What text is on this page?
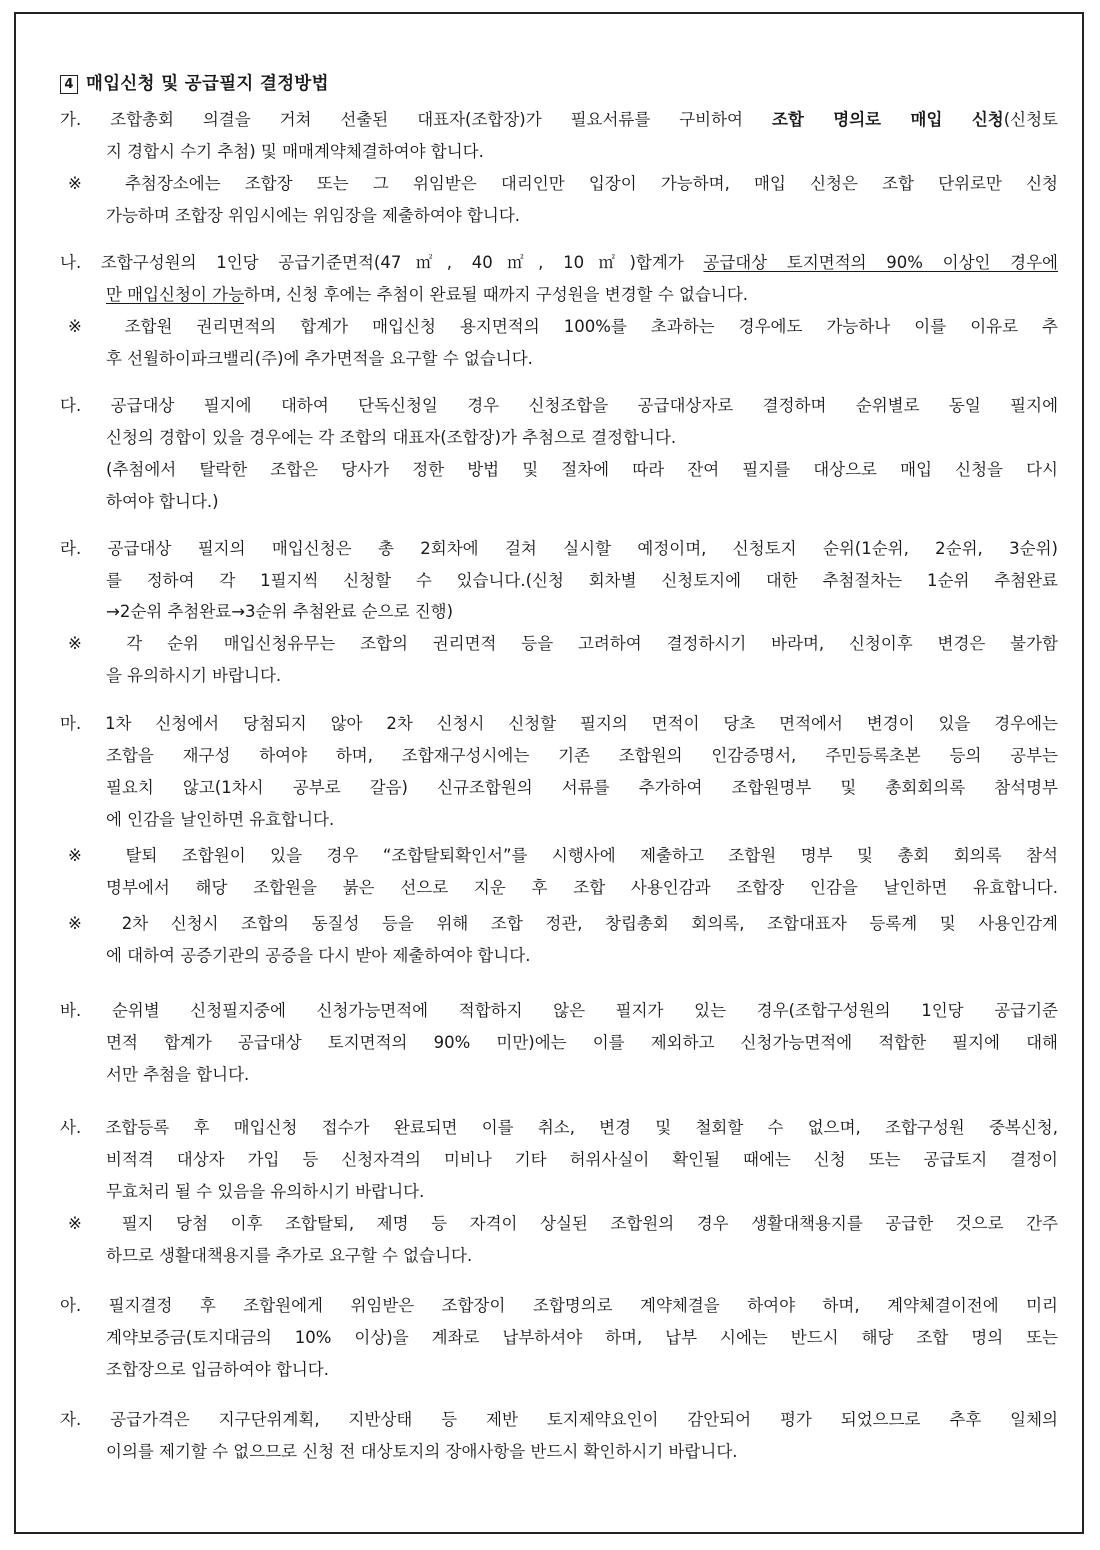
4 매입신청 및 공급필지 결정방법
가. 조합총회 의결을 거쳐 선출된 대표자(조합장)가 필요서류를 구비하여 조합 명의로 매입 신청(신청토
지 경합시 수기 추첨) 및 매매계약체결하여야 합니다.
※ 추첨장소에는 조합장 또는 그 위임받은 대리인만 입장이 가능하며, 매입 신청은 조합 단위로만 신청
가능하며 조합장 위임시에는 위임장을 제출하여야 합니다.
나. 조합구성원의 1인당 공급기준면적(47㎡, 40㎡, 10㎡)합계가 공급대상 토지면적의 90% 이상인 경우에
만 매입신청이 가능하며, 신청 후에는 추첨이 완료될 때까지 구성원을 변경할 수 없습니다.
※ 조합원 권리면적의 합계가 매입신청 용지면적의 100%를 초과하는 경우에도 가능하나 이를 이유로 추
후 선월하이파크밸리(주)에 추가면적을 요구할 수 없습니다.
다. 공급대상 필지에 대하여 단독신청일 경우 신청조합을 공급대상자로 결정하며 순위별로 동일 필지에
신청의 경합이 있을 경우에는 각 조합의 대표자(조합장)가 추첨으로 결정합니다.
(추첨에서 탈락한 조합은 당사가 정한 방법 및 절차에 따라 잔여 필지를 대상으로 매입 신청을 다시
하여야 합니다.)
라. 공급대상 필지의 매입신청은 총 2회차에 걸쳐 실시할 예정이며, 신청토지 순위(1순위, 2순위, 3순위)
를 정하여 각 1필지씩 신청할 수 있습니다.(신청 회차별 신청토지에 대한 추첨절차는 1순위 추첨완료
→2순위 추첨완료→3순위 추첨완료 순으로 진행)
※ 각 순위 매입신청유무는 조합의 권리면적 등을 고려하여 결정하시기 바라며, 신청이후 변경은 불가함
을 유의하시기 바랍니다.
마. 1차 신청에서 당첨되지 않아 2차 신청시 신청할 필지의 면적이 당초 면적에서 변경이 있을 경우에는
조합을 재구성 하여야 하며, 조합재구성시에는 기존 조합원의 인감증명서, 주민등록초본 등의 공부는
필요치 않고(1차시 공부로 갈음) 신규조합원의 서류를 추가하여 조합원명부 및 총회회의록 참석명부
에 인감을 날인하면 유효합니다.
※ 탈퇴 조합원이 있을 경우 “조합탈퇴확인서”를 시행사에 제출하고 조합원 명부 및 총회 회의록 참석
명부에서 해당 조합원을 붉은 선으로 지운 후 조합 사용인감과 조합장 인감을 날인하면 유효합니다.
※ 2차 신청시 조합의 동질성 등을 위해 조합 정관, 창립총회 회의록, 조합대표자 등록계 및 사용인감계
에 대하여 공증기관의 공증을 다시 받아 제출하여야 합니다.
바. 순위별 신청필지중에 신청가능면적에 적합하지 않은 필지가 있는 경우(조합구성원의 1인당 공급기준
면적 합계가 공급대상 토지면적의 90% 미만)에는 이를 제외하고 신청가능면적에 적합한 필지에 대해
서만 추첨을 합니다.
사. 조합등록 후 매입신청 접수가 완료되면 이를 취소, 변경 및 철회할 수 없으며, 조합구성원 중복신청,
비적격 대상자 가입 등 신청자격의 미비나 기타 허위사실이 확인될 때에는 신청 또는 공급토지 결정이
무효처리 될 수 있음을 유의하시기 바랍니다.
※ 필지 당첨 이후 조합탈퇴, 제명 등 자격이 상실된 조합원의 경우 생활대책용지를 공급한 것으로 간주
하므로 생활대책용지를 추가로 요구할 수 없습니다.
아. 필지결정 후 조합원에게 위임받은 조합장이 조합명의로 계약체결을 하여야 하며, 계약체결이전에 미리
계약보증금(토지대금의 10% 이상)을 계좌로 납부하셔야 하며, 납부 시에는 반드시 해당 조합 명의 또는
조합장으로 입금하여야 합니다.
자. 공급가격은 지구단위계획, 지반상태 등 제반 토지제약요인이 감안되어 평가 되었으므로 추후 일체의
이의를 제기할 수 없으므로 신청 전 대상토지의 장애사항을 반드시 확인하시기 바랍니다.
